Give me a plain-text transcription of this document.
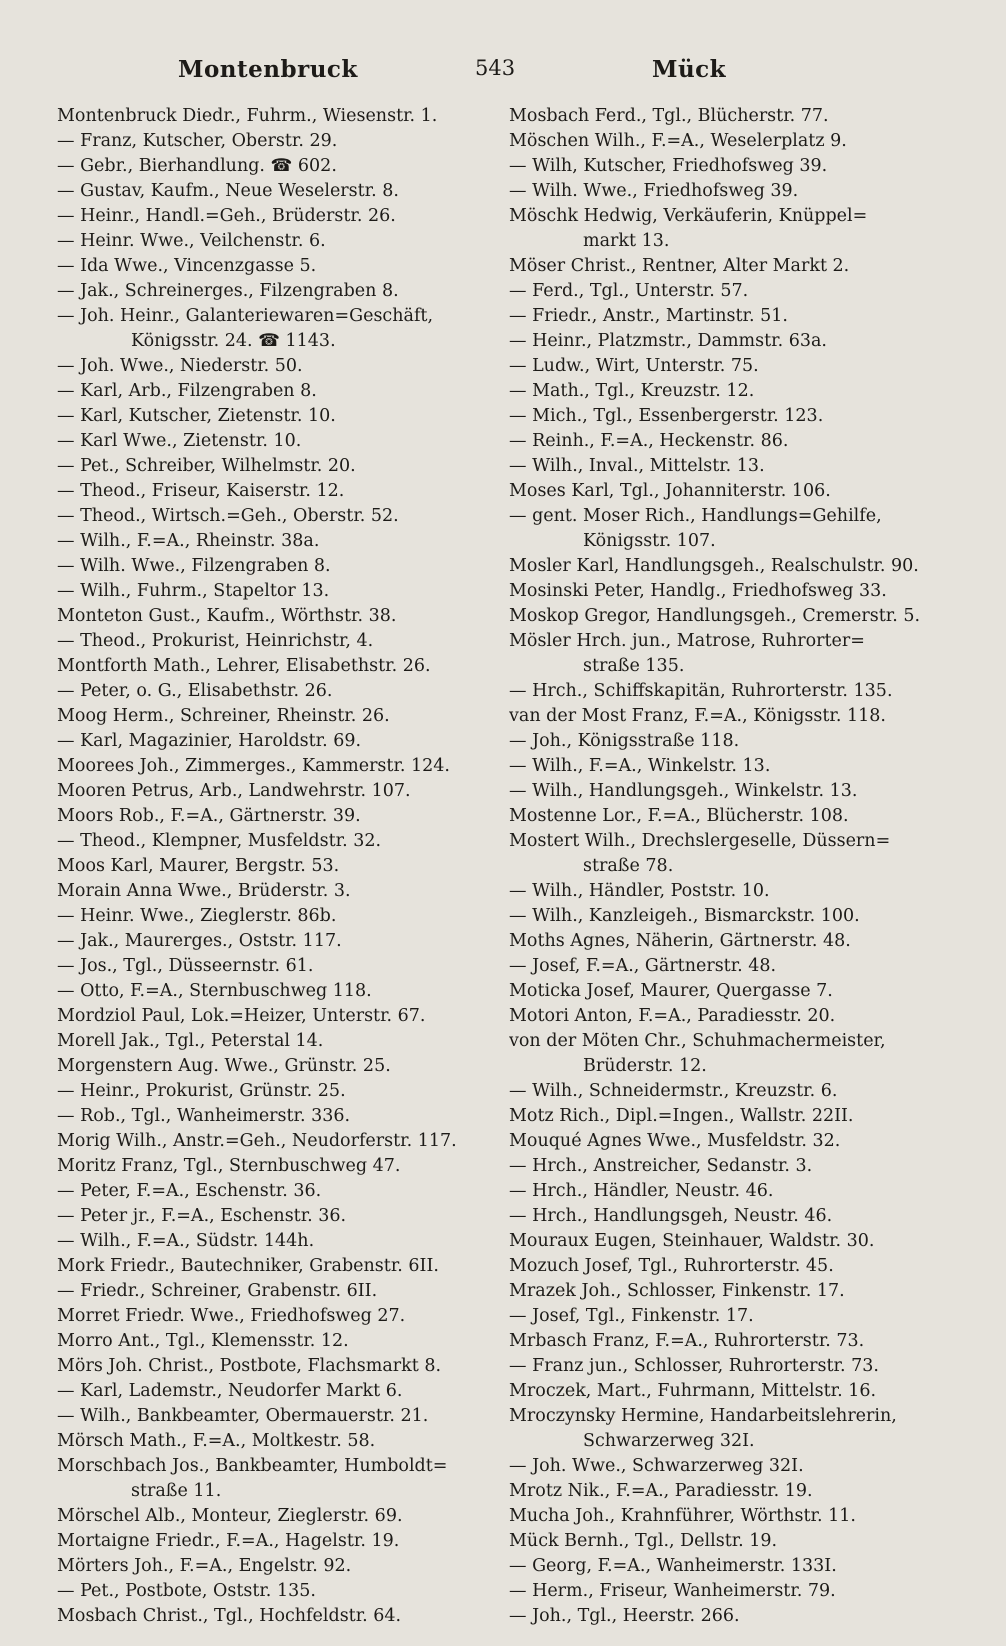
Montenbruck	543	Mück
Montenbruck Diedr., Fuhrm., Wiesenstr. 1.
— Franz, Kutscher, Oberstr. 29.
— Gebr., Bierhandlung. ☎ 602.
— Gustav, Kaufm., Neue Weselerstr. 8.
— Heinr., Handl.=Geh., Brüderstr. 26.
— Heinr. Wwe., Veilchenstr. 6.
— Ida Wwe., Vincenzgasse 5.
— Jak., Schreinerges., Filzengraben 8.
— Joh. Heinr., Galanteriewaren=Geschäft,
Königsstr. 24. ☎ 1143.
— Joh. Wwe., Niederstr. 50.
— Karl, Arb., Filzengraben 8.
— Karl, Kutscher, Zietenstr. 10.
— Karl Wwe., Zietenstr. 10.
— Pet., Schreiber, Wilhelmstr. 20.
— Theod., Friseur, Kaiserstr. 12.
— Theod., Wirtsch.=Geh., Oberstr. 52.
— Wilh., F.=A., Rheinstr. 38a.
— Wilh. Wwe., Filzengraben 8.
— Wilh., Fuhrm., Stapeltor 13.
Monteton Gust., Kaufm., Wörthstr. 38.
— Theod., Prokurist, Heinrichstr, 4.
Montforth Math., Lehrer, Elisabethstr. 26.
— Peter, o. G., Elisabethstr. 26.
Moog Herm., Schreiner, Rheinstr. 26.
— Karl, Magazinier, Haroldstr. 69.
Moorees Joh., Zimmerges., Kammerstr. 124.
Mooren Petrus, Arb., Landwehrstr. 107.
Moors Rob., F.=A., Gärtnerstr. 39.
— Theod., Klempner, Musfeldstr. 32.
Moos Karl, Maurer, Bergstr. 53.
Morain Anna Wwe., Brüderstr. 3.
— Heinr. Wwe., Zieglerstr. 86b.
— Jak., Maurerges., Oststr. 117.
— Jos., Tgl., Düsseernstr. 61.
— Otto, F.=A., Sternbuschweg 118.
Mordziol Paul, Lok.=Heizer, Unterstr. 67.
Morell Jak., Tgl., Peterstal 14.
Morgenstern Aug. Wwe., Grünstr. 25.
— Heinr., Prokurist, Grünstr. 25.
— Rob., Tgl., Wanheimerstr. 336.
Morig Wilh., Anstr.=Geh., Neudorferstr. 117.
Moritz Franz, Tgl., Sternbuschweg 47.
— Peter, F.=A., Eschenstr. 36.
— Peter jr., F.=A., Eschenstr. 36.
— Wilh., F.=A., Südstr. 144h.
Mork Friedr., Bautechniker, Grabenstr. 6II.
— Friedr., Schreiner, Grabenstr. 6II.
Morret Friedr. Wwe., Friedhofsweg 27.
Morro Ant., Tgl., Klemensstr. 12.
Mörs Joh. Christ., Postbote, Flachsmarkt 8.
— Karl, Lademstr., Neudorfer Markt 6.
— Wilh., Bankbeamter, Obermauerstr. 21.
Mörsch Math., F.=A., Moltkestr. 58.
Morschbach Jos., Bankbeamter, Humboldt=
straße 11.
Mörschel Alb., Monteur, Zieglerstr. 69.
Mortaigne Friedr., F.=A., Hagelstr. 19.
Mörters Joh., F.=A., Engelstr. 92.
— Pet., Postbote, Oststr. 135.
Mosbach Christ., Tgl., Hochfeldstr. 64.
Mosbach Ferd., Tgl., Blücherstr. 77.
Möschen Wilh., F.=A., Weselerplatz 9.
— Wilh, Kutscher, Friedhofsweg 39.
— Wilh. Wwe., Friedhofsweg 39.
Möschk Hedwig, Verkäuferin, Knüppel=
markt 13.
Möser Christ., Rentner, Alter Markt 2.
— Ferd., Tgl., Unterstr. 57.
— Friedr., Anstr., Martinstr. 51.
— Heinr., Platzmstr., Dammstr. 63a.
— Ludw., Wirt, Unterstr. 75.
— Math., Tgl., Kreuzstr. 12.
— Mich., Tgl., Essenbergerstr. 123.
— Reinh., F.=A., Heckenstr. 86.
— Wilh., Inval., Mittelstr. 13.
Moses Karl, Tgl., Johanniterstr. 106.
— gent. Moser Rich., Handlungs=Gehilfe,
Königsstr. 107.
Mosler Karl, Handlungsgeh., Realschulstr. 90.
Mosinski Peter, Handlg., Friedhofsweg 33.
Moskop Gregor, Handlungsgeh., Cremerstr. 5.
Mösler Hrch. jun., Matrose, Ruhrorter=
straße 135.
— Hrch., Schiffskapitän, Ruhrorterstr. 135.
van der Most Franz, F.=A., Königsstr. 118.
— Joh., Königsstraße 118.
— Wilh., F.=A., Winkelstr. 13.
— Wilh., Handlungsgeh., Winkelstr. 13.
Mostenne Lor., F.=A., Blücherstr. 108.
Mostert Wilh., Drechslergeselle, Düssern=
straße 78.
— Wilh., Händler, Poststr. 10.
— Wilh., Kanzleigeh., Bismarckstr. 100.
Moths Agnes, Näherin, Gärtnerstr. 48.
— Josef, F.=A., Gärtnerstr. 48.
Moticka Josef, Maurer, Quergasse 7.
Motori Anton, F.=A., Paradiesstr. 20.
von der Möten Chr., Schuhmachermeister,
Brüderstr. 12.
— Wilh., Schneidermstr., Kreuzstr. 6.
Motz Rich., Dipl.=Ingen., Wallstr. 22II.
Mouqué Agnes Wwe., Musfeldstr. 32.
— Hrch., Anstreicher, Sedanstr. 3.
— Hrch., Händler, Neustr. 46.
— Hrch., Handlungsgeh, Neustr. 46.
Mouraux Eugen, Steinhauer, Waldstr. 30.
Mozuch Josef, Tgl., Ruhrorterstr. 45.
Mrazek Joh., Schlosser, Finkenstr. 17.
— Josef, Tgl., Finkenstr. 17.
Mrbasch Franz, F.=A., Ruhrorterstr. 73.
— Franz jun., Schlosser, Ruhrorterstr. 73.
Mroczek, Mart., Fuhrmann, Mittelstr. 16.
Mroczynsky Hermine, Handarbeitslehrerin,
Schwarzerweg 32I.
— Joh. Wwe., Schwarzerweg 32I.
Mrotz Nik., F.=A., Paradiesstr. 19.
Mucha Joh., Krahnführer, Wörthstr. 11.
Mück Bernh., Tgl., Dellstr. 19.
— Georg, F.=A., Wanheimerstr. 133I.
— Herm., Friseur, Wanheimerstr. 79.
— Joh., Tgl., Heerstr. 266.
